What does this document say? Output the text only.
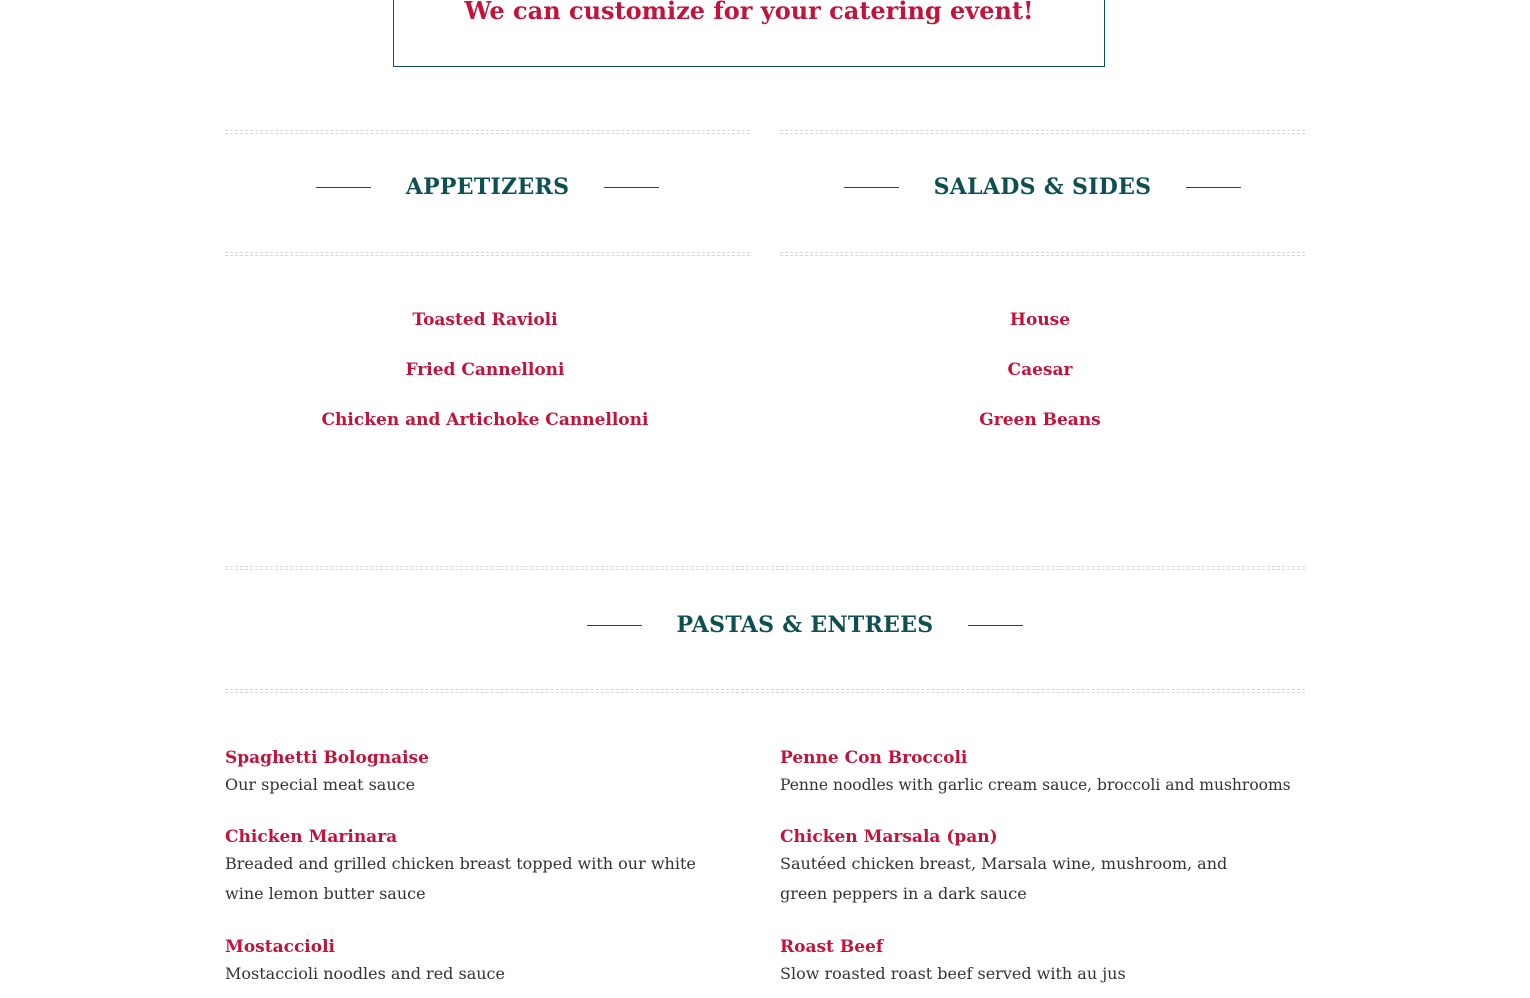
We can customize for your catering event!
APPETIZERS	SALADS & SIDES
Toasted Ravioli
Fried Cannelloni
Chicken and Artichoke Cannelloni
House
Caesar
Green Beans
PASTAS & ENTREES
Spaghetti Bolognaise
Our special meat sauce
Chicken Marinara
Breaded and grilled chicken breast topped with our white wine lemon butter sauce
Mostaccioli
Mostaccioli noodles and red sauce
Penne Con Broccoli
Penne noodles with garlic cream sauce, broccoli and mushrooms
Chicken Marsala (pan)
Sautéed chicken breast, Marsala wine, mushroom, and green peppers in a dark sauce
Roast Beef
Slow roasted roast beef served with au jus
